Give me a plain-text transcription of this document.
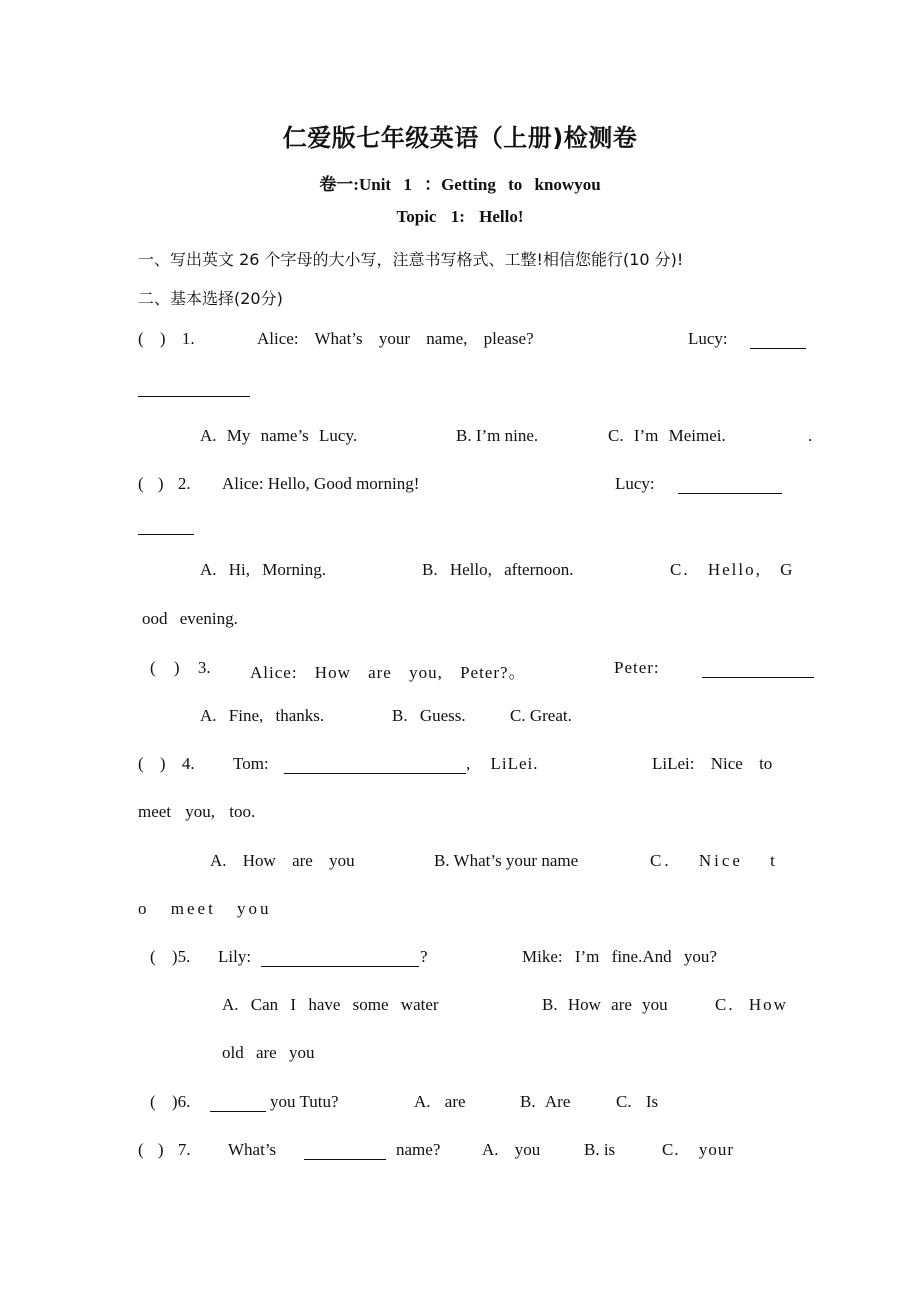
仁爱版七年级英语（上册)检测卷
卷一:Unit 1 ：Getting to knowyou
Topic 1: Hello!
一、写出英文 26 个字母的大小写，注意书写格式、工整!相信您能行(10 分)!
二、基本选择(20分)
( ) 1.	Alice: What’s your name, please?	Lucy:
A. My name’s Lucy.	B. I’m nine.	C. I’m Meimei.	.
( ) 2. Alice: Hello, Good morning!	Lucy:
A. Hi, Morning.	B. Hello, afternoon.	C. Hello, G
ood evening.
( ) 3. Alice: How are you, Peter?。	Peter:
A. Fine, thanks.	B. Guess.	C. Great.
( ) 4. Tom:	, LiLei.	LiLei: Nice to
meet you, too.
A. How are you	B. What’s your name	C. Nice t
o meet you
( )5. Lily:	?	Mike: I’m fine.And you?
A. Can I have some water	B. How are you	C. How
old are you
( )6.	you Tutu?	A. are	B. Are	C. Is
( ) 7. What’s	name? A. you	B. is	C. your
